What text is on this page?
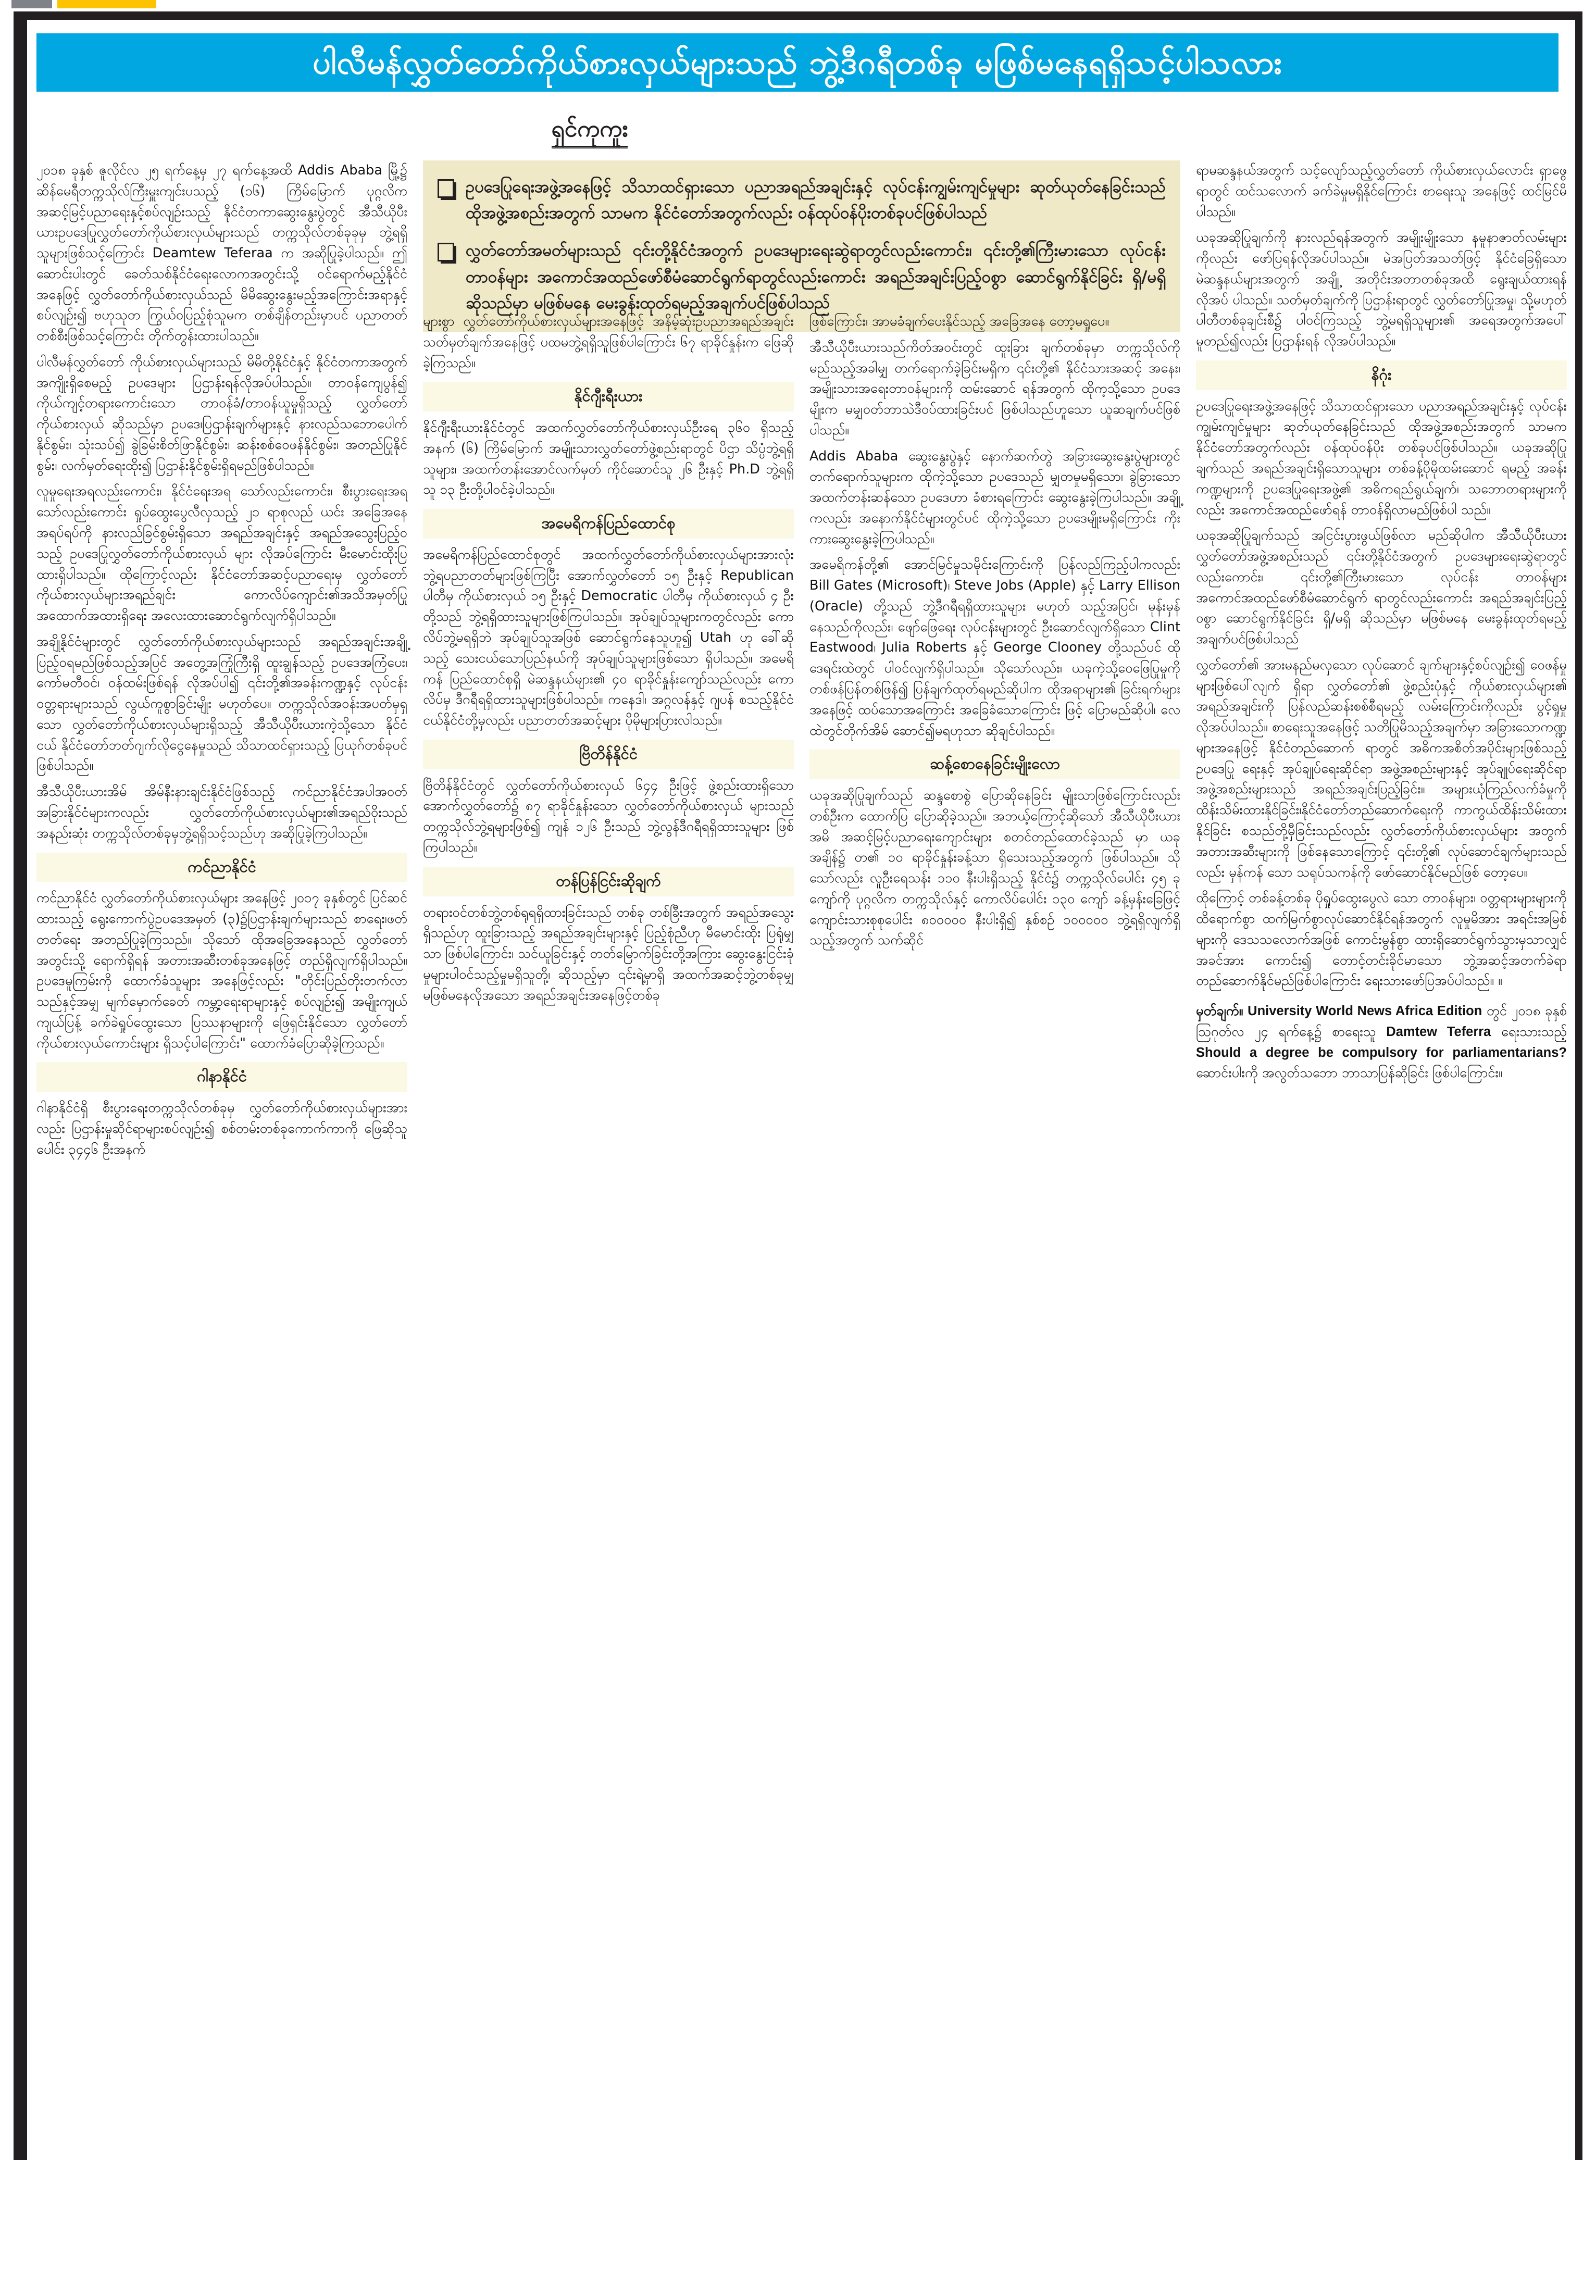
ပါလီမန်လွှတ်တော်ကိုယ်စားလှယ်များသည် ဘွဲ့ဒီဂရီတစ်ခု မဖြစ်မနေရရှိသင့်ပါသလား
ရှင်ကုကူး
ဥပဒေပြုရေးအဖွဲ့အနေဖြင့် သိသာထင်ရှားသော ပညာအရည်အချင်းနှင့် လုပ်ငန်းကျွမ်းကျင်မှုများ ဆုတ်ယုတ်နေခြင်းသည် ထိုအဖွဲ့အစည်းအတွက် သာမက နိုင်ငံတော်အတွက်လည်း ဝန်ထုပ်ဝန်ပိုးတစ်ခုပင်ဖြစ်ပါသည်
လွှတ်တော်အမတ်များသည် ၎င်းတို့နိုင်ငံအတွက် ဥပဒေများရေးဆွဲရာတွင်လည်းကောင်း၊ ၎င်းတို့၏ကြီးမားသော လုပ်ငန်းတာဝန်များ အကောင်အထည်ဖော်စီမံဆောင်ရွက်ရာတွင်လည်းကောင်း အရည်အချင်းပြည့်ဝစွာ ဆောင်ရွက်နိုင်ခြင်း ရှိ/မရှိ ဆိုသည်မှာ မဖြစ်မနေ မေးခွန်းထုတ်ရမည့်အချက်ပင်ဖြစ်ပါသည်

၂၀၁၈ ခုနှစ် ဇူလိုင်လ ၂၅ ရက်နေ့မှ ၂၇ ရက်နေ့အထိ Addis Ababa မြို့၌ ဆိန်မေရီတက္ကသိုလ်ကြီးမှူးကျင်းပသည့် (၁၆) ကြိမ်မြောက် ပုဂ္ဂလိကအဆင့်မြင့်ပညာရေးနှင့်စပ်လျဉ်းသည့် နိုင်ငံတကာဆွေးနွေးပွဲတွင် အီသီယိုပီးယားဥပဒေပြုလွှတ်တော်ကိုယ်စားလှယ်များသည် တက္ကသိုလ်တစ်ခုခုမှ ဘွဲ့ရရှိသူများဖြစ်သင့်ကြောင်း Deamtew Teferaa က အဆိုပြုခဲ့ပါသည်။ ဤဆောင်းပါးတွင် ခေတ်သစ်နိုင်ငံရေးလောကအတွင်းသို့ ဝင်ရောက်မည့်နိုင်ငံအနေဖြင့် လွှတ်တော်ကိုယ်စားလှယ်သည် မိမိဆွေးနွေးမည့်အကြောင်းအရာနှင့်စပ်လျဉ်း၍ ဗဟုသုတ ကြွယ်ဝပြည့်စုံသူမက တစ်ချိန်တည်းမှာပင် ပညာတတ်တစ်စီးဖြစ်သင့်ကြောင်း တိုက်တွန်းထားပါသည်။

ပါလီမန်လွှတ်တော် ကိုယ်စားလှယ်များသည် မိမိတို့နိုင်ငံနှင့် နိုင်ငံတကာအတွက် အကျိုးရှိစေမည့် ဥပဒေများ ပြဌာန်းရန်လိုအပ်ပါသည်။ တာဝန်ကျေပွန်၍ ကိုယ်ကျင့်တရားကောင်းသော တာဝန်ခံ/တာဝန်ယူမှုရှိသည့် လွှတ်တော်ကိုယ်စားလှယ် ဆိုသည်မှာ ဥပဒေ၊ပြဌာန်းချက်များနှင့် နားလည်သဘောပေါက်နိုင်စွမ်း၊ သုံးသပ်၍ ခွဲခြမ်းစိတ်ဖြာနိုင်စွမ်း၊ ဆန်းစစ်ဝေဖန်နိုင်စွမ်း၊ အတည်ပြုနိုင်စွမ်း၊ လက်မှတ်ရေးထိုး၍ ပြဌာန်းနိုင်စွမ်းရှိရမည်ဖြစ်ပါသည်။

လူမှုရေးအရလည်းကောင်း၊ နိုင်ငံရေးအရ သော်လည်းကောင်း၊ စီးပွားရေးအရသော်လည်းကောင်း ရှုပ်ထွေးပွေလီလှသည့် ၂၁ ရာစုလည် ယင်း အခြေအနေအရပ်ရပ်ကို နားလည်ခြင်စွမ်းရှိသော အရည်အချင်းနှင့် အရည်အသွေးပြည့်ဝသည့် ဥပဒေပြုလွှတ်တော်ကိုယ်စားလှယ် များ လိုအပ်ကြောင်း မီးမောင်းထိုးပြထားရှိပါသည်။ ထိုကြောင့်လည်း နိုင်ငံတော်အဆင့်ပညာရေးမှ လွှတ်တော်ကိုယ်စားလှယ်များအရည်ချင်း ကောလိပ်ကျောင်း၏အသိအမှတ်ပြု အထောက်အထားရှိရေး အလေးထားဆောင်ရွက်လျက်ရှိပါသည်။

အချို့နိုင်ငံများတွင် လွှတ်တော်ကိုယ်စားလှယ်များသည် အရည်အချင်းအချို့ ပြည့်ဝရမည်ဖြစ်သည့်အပြင် အတွေ့အကြုံကြီးရှိ ထူးချွန်သည့် ဥပဒေအကြံပေး၊ ကော်မတီဝင်၊ ဝန်ထမ်းဖြစ်ရန် လိုအပ်ပါ၍ ၎င်းတို့၏အခန်းကဏ္ဍနှင့် လုပ်ငန်းဝတ္တရားများသည် လွယ်ကူစွာခြင်းမျိုး မဟုတ်ပေ။ တက္ကသိုလ်အဝန်းအပတ်မှရှသော လွှတ်တော်ကိုယ်စားလှယ်များရှိသည့် အီသီယိုပီးယားကဲ့သို့သော နိုင်ငံငယ် နိုင်ငံတော်ဘတ်ဂျက်လိုငွေနေမှုသည် သိသာထင်ရှားသည့် ပြယုဂ်တစ်ခုပင်ဖြစ်ပါသည်။

အီသီယိုပီးယားအိမ် အိမ်နီးနားချင်းနိုင်ငံဖြစ်သည့် ကင်ညာနိုင်ငံအပါအဝတ် အခြားနိုင်ငံများကလည်း လွှတ်တော်ကိုယ်စားလှယ်များ၏အရည်ဝိုးသည် အနည်းဆုံး တက္ကသိုလ်တစ်ခုမှဘွဲ့ရရှိသင့်သည်ဟု အဆိုပြုခဲ့ကြပါသည်။

ကင်ညာနိုင်ငံ

ကင်ညာနိုင်ငံ လွှတ်တော်ကိုယ်စားလှယ်များ အနေဖြင့် ၂၀၁၇ ခုနှစ်တွင် ပြင်ဆင်ထားသည့် ရွေးကောက်ပွဲဥပဒေအမှတ် (၃)၌ပြဌာန်းချက်များသည် စာရေး၊ဖတ်တတ်ရေး အတည်ပြုခဲ့ကြသည်။ သိုသော် ထိုအခြေအနေသည် လွှတ်တော်အတွင်းသို့ ရောက်ရှိရန် အတားအဆီးတစ်ခုအနေဖြင့် တည်ရှိလျက်ရှိပါသည်။ ဥပဒေမူကြမ်းကို ထောက်ခံသူများ အနေဖြင့်လည်း "တိုင်းပြည်တိုးတက်လာသည်နှင့်အမျှ မျက်မှောက်ခေတ် ကမ္ဘာ့ရေးရာများနှင့် စပ်လျဉ်း၍ အမျိုးကျယ်ကျယ်ပြန့် ခက်ခဲရှုပ်ထွေးသော ပြဿနာများကို ဖြေရှင်းနိုင်သော လွှတ်တော်ကိုယ်စားလှယ်ကောင်းများ ရှိသင့်ပါကြောင်း" ထောက်ခံပြောဆိုခဲ့ကြသည်။

ဂါနာနိုင်ငံ

ဂါနာနိုင်ငံရှိ စီးပွားရေးတက္ကသိုလ်တစ်ခုမှ လွှတ်တော်ကိုယ်စားလှယ်များအားလည်း ပြဌာန်းမှုဆိုင်ရာများစပ်လျဉ်း၍ စစ်တမ်းတစ်ခုကောက်ကာကို ဖြေဆိုသူပေါင်း ၃၄၄၆ ဦးအနက်

များစွာ လွှတ်တော်ကိုယ်စားလှယ်များအနေဖြင့် အနိမ့်ဆုံးဥပညာအရည်အချင်း သတ်မှတ်ချက်အနေဖြင့် ပထမဘွဲ့ရရှိသူဖြစ်ပါကြောင်း ၆၇ ရာခိုင်နှုန်းက ဖြေဆိုခဲ့ကြသည်။

နိုင်ဂျီးရီးယား

နိုင်ဂျီးရီးယားနိုင်ငံတွင် အထက်လွှတ်တော်ကိုယ်စားလှယ်ဦးရေ ၃၆၀ ရှိသည့်အနက် (၆) ကြိမ်မြောက် အမျိုးသားလွှတ်တော်ဖွဲ့စည်းရာတွင် ပိဌာ သိပ္ပံဘွဲ့ရရှိသူများ၊ အထက်တန်းအောင်လက်မှတ် ကိုင်ဆောင်သူ ၂၆ ဦးနှင့် Ph.D ဘွဲ့ရရှိသူ ၁၃ ဦးတို့ပါဝင်ခဲ့ပါသည်။

အမေရိကန်ပြည်ထောင်စု

အမေရိကန်ပြည်ထောင်စုတွင် အထက်လွှတ်တော်ကိုယ်စားလှယ်များအားလုံး ဘွဲ့ရပညာတတ်များဖြစ်ကြပြီး အောက်လွှတ်တော် ၁၅ ဦးနှင့် Republican ပါတီမှ ကိုယ်စားလှယ် ၁၅ ဦးနှင့် Democratic ပါတီမှ ကိုယ်စားလှယ် ၄ ဦးတို့သည် ဘွဲ့ရရှိထားသူများဖြစ်ကြပါသည်။ အုပ်ချုပ်သူများကတွင်လည်း ကောလိပ်ဘွဲ့မရရှိဘဲ အုပ်ချုပ်သူအဖြစ် ဆောင်ရွက်နေသူဟူ၍ Utah ဟု ခေါ်ဆိုသည့် သေးငယ်သောပြည်နယ်ကို အုပ်ချုပ်သူများဖြစ်သော ရှိပါသည်။ အမေရိကန် ပြည်ထောင်စုရှိ မဲဆန္ဒနယ်များ၏ ၄၀ ရာခိုင်နှုန်းကျော်သည်လည်း ကောလိပ်မှ ဒီဂရီရရှိထားသူများဖြစ်ပါသည်။ ကနေဒါ၊ အဂ္ဂလန်နှင့် ဂျပန် စသည့်နိုင်ငံငယ်နိုင်ငံတို့မှလည်း ပညာတတ်အဆင့်များ ပိုမိုများပြားလါသည်။

ဗြိတိန်နိုင်ငံ

ဗြိတိန်နိုင်ငံတွင် လွှတ်တော်ကိုယ်စားလှယ် ၆၄၄ ဦးဖြင့် ဖွဲ့စည်းထားရှိသော အောက်လွှတ်တော်၌ ၈၇ ရာခိုင်နှုန်းသော လွှတ်တော်ကိုယ်စားလှယ် များသည် တက္ကသိုလ်ဘွဲ့ရများဖြစ်၍ ကျန် ၁၂၆ ဦးသည် ဘွဲ့လွန်ဒီဂရီရရှိထားသူများ ဖြစ်ကြပါသည်။

တန်ပြန်ငြင်းဆိုချက်

တရားဝင်တစ်ဘွဲ့တစ်ရုရရှိထားခြင်းသည် တစ်ခု တစ်ခြီးအတွက် အရည်အသွေးရှိသည်ဟု ထူးခြားသည့် အရည်အချင်းများနှင့် ပြည့်စုံညီဟု မီမောင်းထိုး ပြရုံမျှသာ ဖြစ်ပါကြောင်း၊ သင်ယူခြင်းနှင့် တတ်မြောက်ခြင်းတို့အကြား ဆွေးနွေးငြင်းခုံမှုများပါဝင်သည့်မှုမရှိသူတို့၊ ဆိုသည့်မှာ ၎င်းရဲ့မှာရှိ အထက်အဆင့်ဘွဲ့တစ်ခုမျှ မဖြစ်မနေလိုအသော အရည်အချင်းအနေဖြင့်တစ်ခု

ဖြစ်ကြောင်း၊ အာမခံချက်ပေးနိုင်သည့် အခြေအနေ တော့မရှုပေ။

အီသီယိုပီးယားသည်ကိတ်အဝင်းတွင် ထူးခြား ချက်တစ်ခုမှာ တက္ကသိုလ်ကို မည်သည့်အခါမျှ တက်ရောက်ခဲ့ခြင်းမရှိက ၎င်းတို့၏ နိုင်ငံသားအဆင့် အနေး၊ အမျိုးသားအရေးတာဝန်များကို ထမ်းဆောင် ရန်အတွက် ထိုက့သို့သော ဥပဒေမျိုးက မမျှဝတ်ဘာသဲဒီဝပ်ထားခြင်းပင် ဖြစ်ပါသည်ဟူသော ယူဆချက်ပင်ဖြစ်ပါသည်။

Addis Ababa ဆွေးနွေးပွဲနှင့် နောက်ဆက်တွဲ အခြားဆွေးနွေးပွဲများတွင် တက်ရောက်သူများက ထိုကဲ့သို့သော ဥပဒေသည် မျှတမှုမရှိသော၊ ခွဲခြားသော အထက်တန်းဆန်သော ဥပဒေဟာ ခံစားရကြောင်း ဆွေးနွေးခဲ့ကြပါသည်။ အချို့ကလည်း အနောက်နိုင်ငံများတွင်ပင် ထိုကဲ့သို့သော ဥပဒေမျိုးမရှိကြောင်း ကိုးကားဆွေးနွေးခဲ့ကြပါသည်။

အမေရိကန်တို့၏ အောင်မြင်မှုသမိုင်းကြောင်းကို ပြန်လည်ကြည့်ပါကလည်း Bill Gates (Microsoft)၊ Steve Jobs (Apple) နှင့် Larry Ellison (Oracle) တို့သည် ဘွဲ့ဒီဂရီရရှိထားသူများ မဟုတ် သည့်အပြင်၊ မုန်းမှန်နေသည်ကိုလည်း၊ ဖျော်ဖြေရေး လုပ်ငန်းများတွင် ဦးဆောင်လျက်ရှိသော Clint Eastwood၊ Julia Roberts နှင့် George Clooney တို့သည်ပင် ထိုဒေရင်းထဲတွင် ပါဝင်လျက်ရှိပါသည်။ သိုသော်လည်း၊ ယခုကဲ့သို့ဝေဖြေပြုမှုကို တစ်ဖန်ပြန်တစ်ဖြန်၍ ပြန်ချက်ထုတ်ရမည်ဆိုပါက ထိုအရာများ၏ ခြင်းရက်များ အနေဖြင့် ထပ်သောအကြောင်း အခြေခံသောကြောင်း ဖြင့် ပြောမည်ဆိုပါ၊ လေထဲတွင်တိုက်အိမ် ဆောင်၍မရဟုသာ ဆိုချင်ပါသည်။

ဆန့်စောနေခြင်းမျိုးလော

ယခုအဆိုပြုချက်သည် ဆန္ဒစောစွဲ ပြောဆိုနေခြင်း မျိုးသာဖြစ်ကြောင်းလည်းတစ်ဦးက ထောက်ပြ ပြောဆိုခဲ့သည်။ အဘယ့်ကြောင့်ဆိုသော် အီသီယိုပီးယားအမိ အဆင့်မြင့်ပညာရေးကျောင်းများ စတင်တည်ထောင်ခဲ့သည် မှာ ယခုအချိန်၌ တ၏ ၁၀ ရာခိုင်နှုန်းခန့်သာ ရှိသေးသည့်အတွက် ဖြစ်ပါသည်။ သိုသော်လည်း လူဦးရေသန်း ၁၁၀ နီးပါးရှိသည့် နိုင်ငံ၌ တက္ကသိုလ်ပေါင်း ၄၅ ခုကျော်ကို ပုဂ္ဂလိက တက္ကသိုလ်နှင့် ကောလိပ်ပေါင်း ၁၃၀ ကျော် ခန့်မှန်းခြေဖြင့် ကျောင်းသားစုစုပေါင်း ၈၀၀၀၀၀ နီးပါးရှိ၍ နှစ်စဉ် ၁၀၀၀၀၀ ဘွဲ့ရရှိလျက်ရှိသည့်အတွက် သက်ဆိုင်

ရာမဆန္ဒနယ်အတွက် သင့်လျော်သည့်လွှတ်တော် ကိုယ်စားလှယ်လောင်း ရှာဖွေရာတွင် ထင်သလောက် ခက်ခဲမှုမရှိနိုင်ကြောင်း စာရေးသူ အနေဖြင့် ထင်မြင်မိပါသည်။

ယခုအဆိုပြုချက်ကို နားလည်ရန်အတွက် အမျိုးမျိုးသော နမူနာဇာတ်လမ်းများကိုလည်း ဖော်ပြရန်လိုအပ်ပါသည်။ မဲအပြတ်အသတ်ဖြင့် နိုင်ငံခြေရှိသော မဲဆန္ဒနယ်များအတွက် အချို့ အတိုင်းအတာတစ်ခုအထိ ရွေးချယ်ထားရန် လိုအပ် ပါသည်။ သတ်မှတ်ချက်ကို ပြဌာန်းရာတွင် လွှတ်တော်ပြုအမှု၊ သို့မဟုတ် ပါတီတစ်ခုချင်းစီ၌ ပါဝင်ကြသည့် ဘွဲ့မရရှိသူများ၏ အရေအတွက်အပေါ် မူတည်၍လည်း ပြဌာန်းရန် လိုအပ်ပါသည်။

နိဂုံး

ဥပဒေပြုရေးအဖွဲ့အနေဖြင့် သိသာထင်ရှားသော ပညာအရည်အချင်းနှင့် လုပ်ငန်းကျွမ်းကျင်မှုများ ဆုတ်ယုတ်နေခြင်းသည် ထိုအဖွဲ့အစည်းအတွက် သာမက နိုင်ငံတော်အတွက်လည်း ဝန်ထုပ်ဝန်ပိုး တစ်ခုပင်ဖြစ်ပါသည်။ ယခုအဆိုပြုချက်သည် အရည်အချင်းရှိသောသူများ တစ်ခန့်ပိုမိုထမ်းဆောင် ရမည့် အခန်းကဏ္ဍများကို ဥပဒေပြုရေးအဖွဲ့၏ အဓိကရည်ရွယ်ချက်၊ သဘောတရားများကိုလည်း အကောင်အထည်ဖော်ရန် တာဝန်ရှိလာမည်ဖြစ်ပါ သည်။

ယခုအဆိုပြုချက်သည် အငြင်းပွားဖွယ်ဖြစ်လာ မည်ဆိုပါက အီသီယိုပီးယားလွှတ်တော်အဖွဲ့အစည်းသည် ၎င်းတို့နိုင်ငံအတွက် ဥပဒေများရေးဆွဲရာတွင်လည်းကောင်း၊ ၎င်းတို့၏ကြီးမားသော လုပ်ငန်း တာဝန်များ အကောင်အထည်ဖော်စီမံဆောင်ရွက် ရာတွင်လည်းကောင်း အရည်အချင်းပြည့်ဝစွာ ဆောင်ရွက်နိုင်ခြင်း ရှိ/မရှိ ဆိုသည်မှာ မဖြစ်မနေ မေးခွန်းထုတ်ရမည့်အချက်ပင်ဖြစ်ပါသည်

လွှတ်တော်၏ အားမနည်မလှသော လုပ်ဆောင် ချက်များနှင့်စပ်လျဉ်း၍ ဝေဖန်မှုများဖြစ်ပေါ်လျက် ရှိရာ လွှတ်တော်၏ ဖွဲ့စည်းပုံနှင့် ကိုယ်စားလှယ်များ၏ အရည်အချင်းကို ပြန်လည်ဆန်းစစ်စီရမည့် လမ်းကြောင်းကိုလည်း ပွင့်ရှုမှုလိုအပ်ပါသည်။ စာရေးသူအနေဖြင့် သတိပြုမိသည့်အချက်မှာ အခြားသောကဏ္ဍများအနေဖြင့် နိုင်ငံတည်ဆောက် ရာတွင် အဓိကအစိတ်အပိုင်းများဖြစ်သည့် ဥပဒေပြု ရေးနှင့် အုပ်ချုပ်ရေးဆိုင်ရာ အဖွဲ့အစည်းများနှင့် အုပ်ချုပ်ရေးဆိုင်ရာ အဖွဲ့အစည်းများသည် အရည်အချင်းပြည့်ခြင်း။ အများယုံကြည်လက်ခံမှုကို ထိန်းသိမ်းထားနိုင်ခြင်း၊နိုင်ငံတော်တည်ဆောက်ရေးကို ကာကွယ်ထိန်းသိမ်းထားနိုင်ခြင်း စသည်တို့မှီခြင်းသည်လည်း လွှတ်တော်ကိုယ်စားလှယ်များ အတွက် အတားအဆီးများကို ဖြစ်နေသောကြောင့် ၎င်းတို့၏ လုပ်ဆောင်ချက်များသည်လည်း မှန်ကန် သော သရုပ်သကန်ကို ဖော်ဆောင်နိုင်မည်ဖြစ် တော့ပေ။

ထိုကြောင့် တစ်ခန့်တစ်ခု ပိုရှုပ်ထွေးပွေလဲ သော တာဝန်များ၊ ဝတ္တရားများများကို ထိရောက်စွာ ထက်မြက်စွာလုပ်ဆောင်နိုင်ရန်အတွက် လူမှုမိအား အရင်းအမြစ်များကို ဒေသသလောက်အဖြစ် ကောင်းမွန်စွာ ထားရှိဆောင်ရွက်သွားမှသာလျှင် အခင်အား ကောင်း၍ တောင့်တင်းခိုင်မာသော ဘွဲ့အဆင့်အတက်ခဲရာ တည်ဆောက်နိုင်မည်ဖြစ်ပါကြောင်း ရေးသားဖော်ပြအပ်ပါသည်။ ။

မှတ်ချက်။ University World News Africa Edition တွင် ၂၀၁၈ ခုနှစ် ဩဂုတ်လ ၂၄ ရက်နေ့၌ စာရေးသူ Damtew Teferra ရေးသားသည့် Should a degree be compulsory for parliamentarians? ဆောင်းပါးကို အလွတ်သဘော ဘာသာပြန်ဆိုခြင်း ဖြစ်ပါကြောင်း။
